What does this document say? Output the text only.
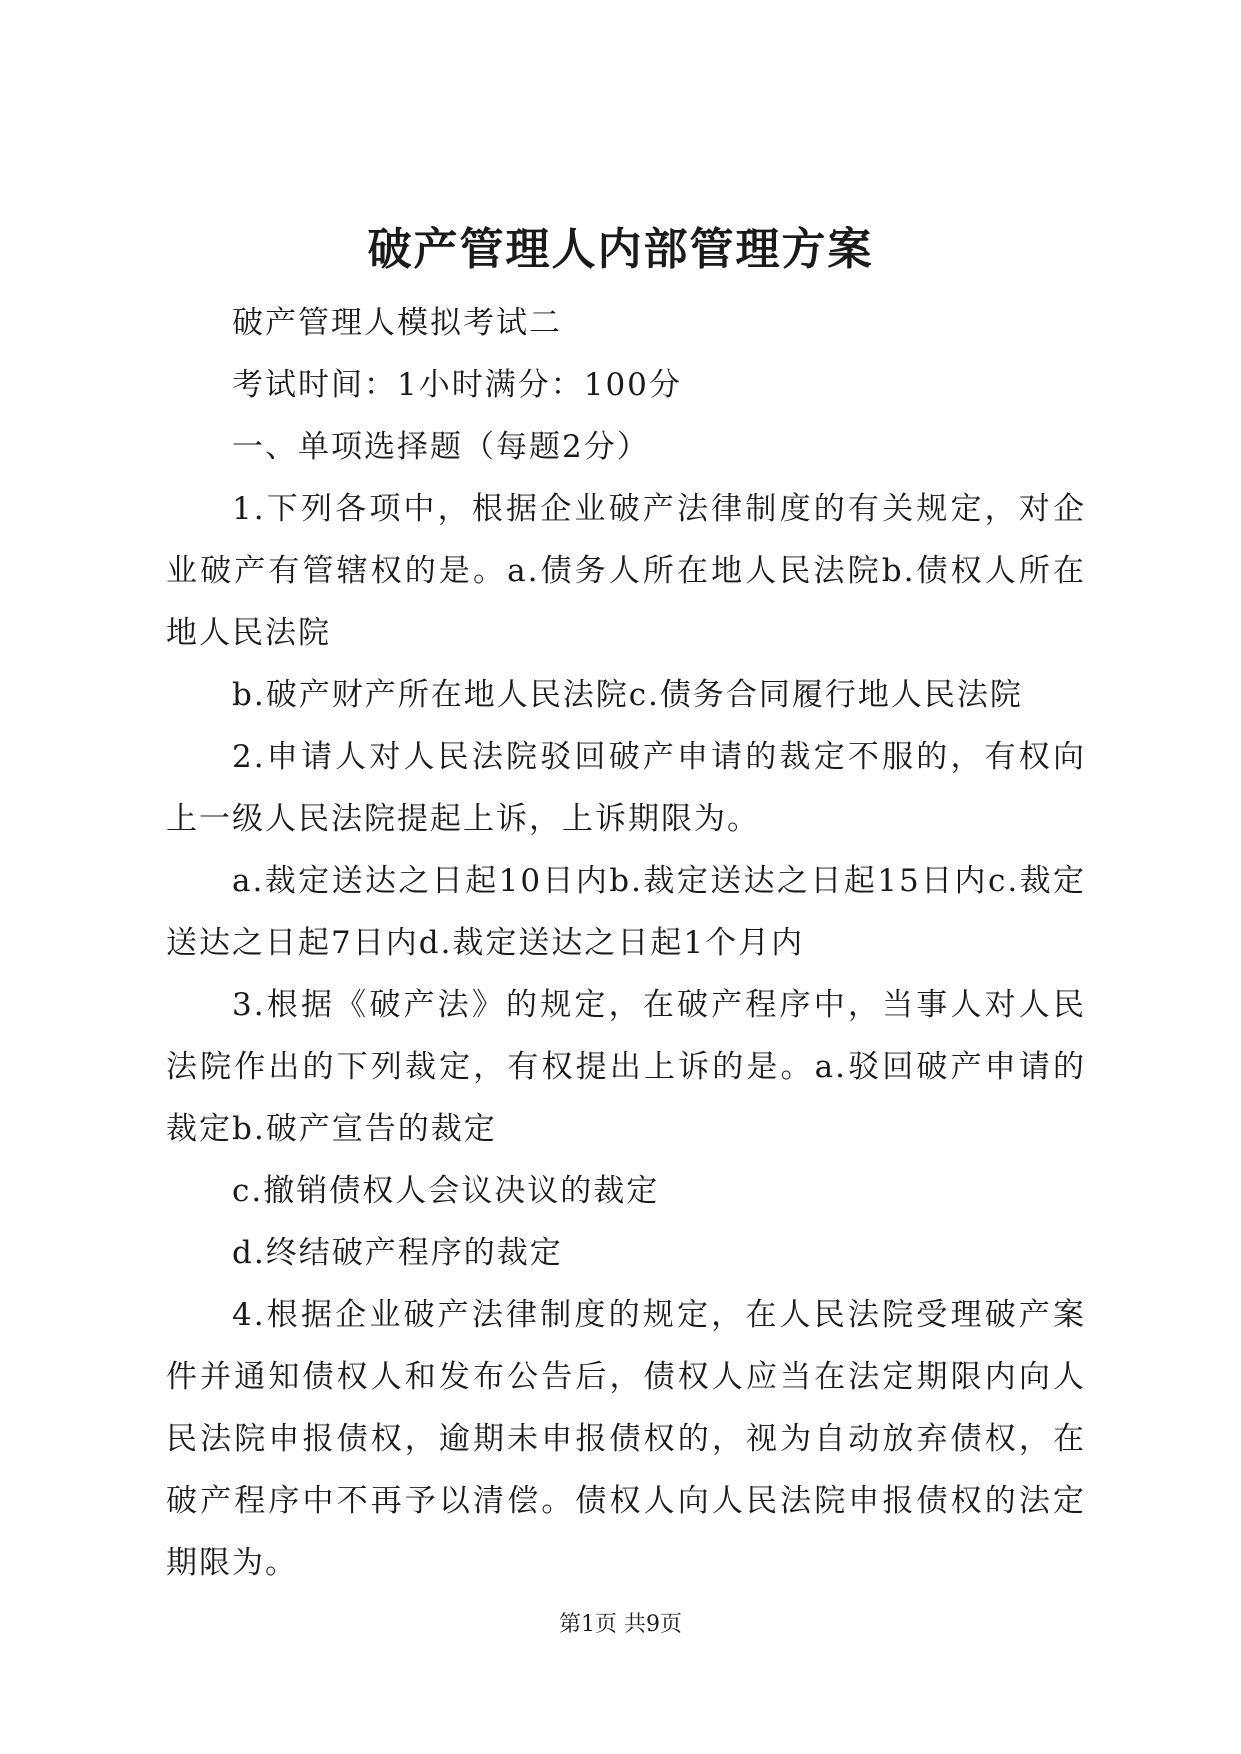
破产管理人内部管理方案

破产管理人模拟考试二

考试时间：1小时满分：100分

一、单项选择题（每题2分）

1.下列各项中，根据企业破产法律制度的有关规定，对企业破产有管辖权的是。a.债务人所在地人民法院b.债权人所在地人民法院

b.破产财产所在地人民法院c.债务合同履行地人民法院

2.申请人对人民法院驳回破产申请的裁定不服的，有权向上一级人民法院提起上诉，上诉期限为。

a.裁定送达之日起10日内b.裁定送达之日起15日内c.裁定送达之日起7日内d.裁定送达之日起1个月内

3.根据《破产法》的规定，在破产程序中，当事人对人民法院作出的下列裁定，有权提出上诉的是。a.驳回破产申请的裁定b.破产宣告的裁定

c.撤销债权人会议决议的裁定

d.终结破产程序的裁定

4.根据企业破产法律制度的规定，在人民法院受理破产案件并通知债权人和发布公告后，债权人应当在法定期限内向人民法院申报债权，逾期未申报债权的，视为自动放弃债权，在破产程序中不再予以清偿。债权人向人民法院申报债权的法定期限为。

第1页 共9页
